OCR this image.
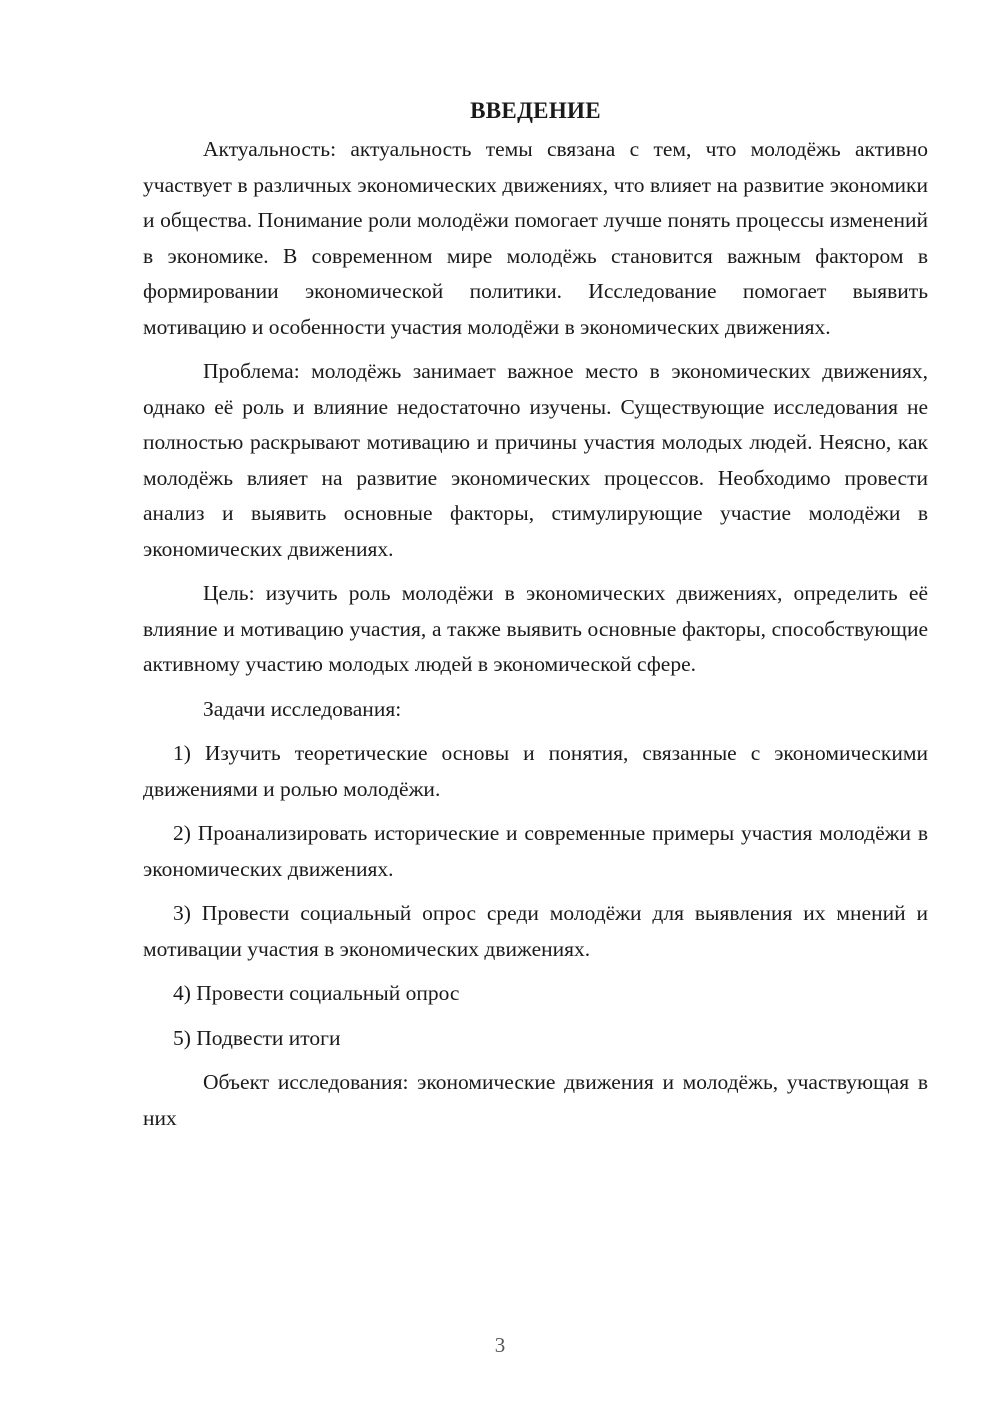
ВВЕДЕНИЕ

Актуальность: актуальность темы связана с тем, что молодёжь активно участвует в различных экономических движениях, что влияет на развитие экономики и общества. Понимание роли молодёжи помогает лучше понять процессы изменений в экономике. В современном мире молодёжь становится важным фактором в формировании экономической политики. Исследование помогает выявить мотивацию и особенности участия молодёжи в экономических движениях.

Проблема: молодёжь занимает важное место в экономических движениях, однако её роль и влияние недостаточно изучены. Существующие исследования не полностью раскрывают мотивацию и причины участия молодых людей. Неясно, как молодёжь влияет на развитие экономических процессов. Необходимо провести анализ и выявить основные факторы, стимулирующие участие молодёжи в экономических движениях.

Цель: изучить роль молодёжи в экономических движениях, определить её влияние и мотивацию участия, а также выявить основные факторы, способствующие активному участию молодых людей в экономической сфере.

Задачи исследования:

1) Изучить теоретические основы и понятия, связанные с экономическими движениями и ролью молодёжи.

2) Проанализировать исторические и современные примеры участия молодёжи в экономических движениях.

3) Провести социальный опрос среди молодёжи для выявления их мнений и мотивации участия в экономических движениях.

4) Провести социальный опрос

5) Подвести итоги

Объект исследования: экономические движения и молодёжь, участвующая в них

3
